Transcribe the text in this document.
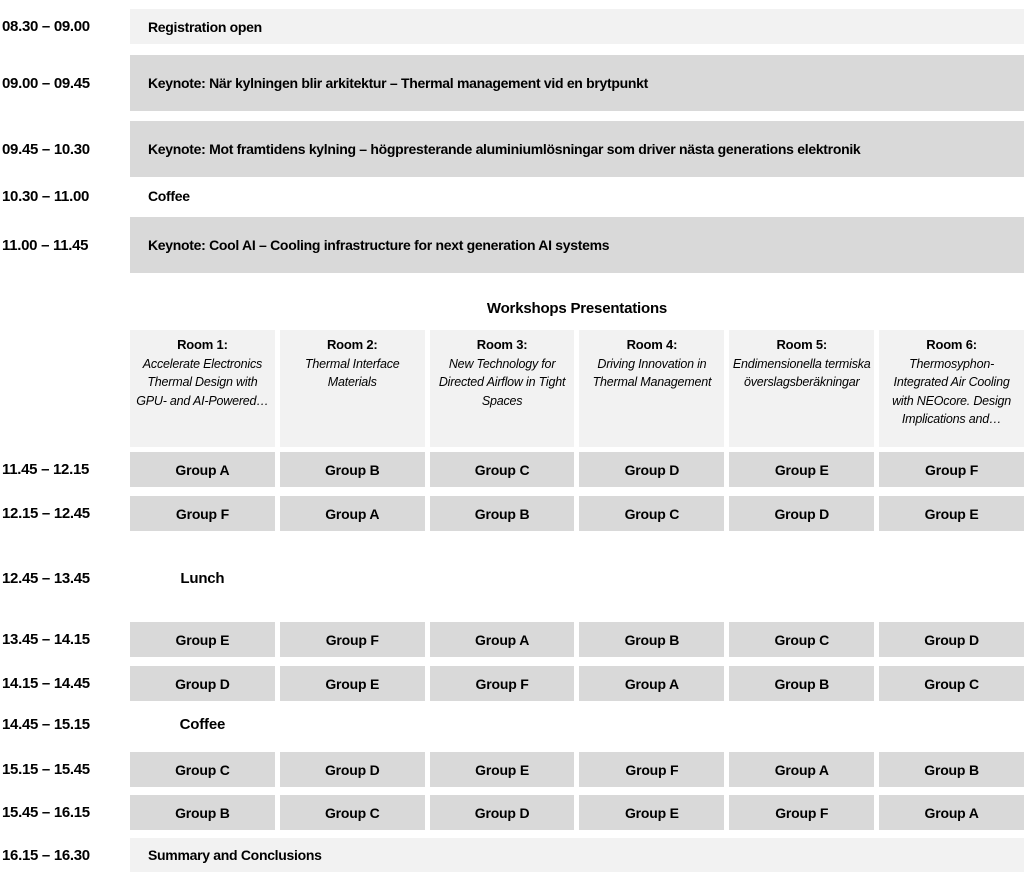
08.30 – 09.00	Registration open
09.00 – 09.45	Keynote: När kylningen blir arkitektur – Thermal management vid en brytpunkt
09.45 – 10.30	Keynote: Mot framtidens kylning – högpresterande aluminiumlösningar som driver nästa generations elektronik
10.30 – 11.00	Coffee
11.00 – 11.45	Keynote: Cool AI – Cooling infrastructure for next generation AI systems
Workshops Presentations
Room 1:
Accelerate Electronics Thermal Design with GPU- and AI-Powered…
Room 2:
Thermal Interface Materials
Room 3:
New Technology for Directed Airflow in Tight Spaces
Room 4:
Driving Innovation in Thermal Management
Room 5:
Endimensionella termiska överslagsberäkningar
Room 6:
Thermosyphon-Integrated Air Cooling with NEOcore. Design Implications and…
11.45 – 12.15	Group A	Group B	Group C	Group D	Group E	Group F
12.15 – 12.45	Group F	Group A	Group B	Group C	Group D	Group E
12.45 – 13.45	Lunch
13.45 – 14.15	Group E	Group F	Group A	Group B	Group C	Group D
14.15 – 14.45	Group D	Group E	Group F	Group A	Group B	Group C
14.45 – 15.15	Coffee
15.15 – 15.45	Group C	Group D	Group E	Group F	Group A	Group B
15.45 – 16.15	Group B	Group C	Group D	Group E	Group F	Group A
16.15 – 16.30	Summary and Conclusions
